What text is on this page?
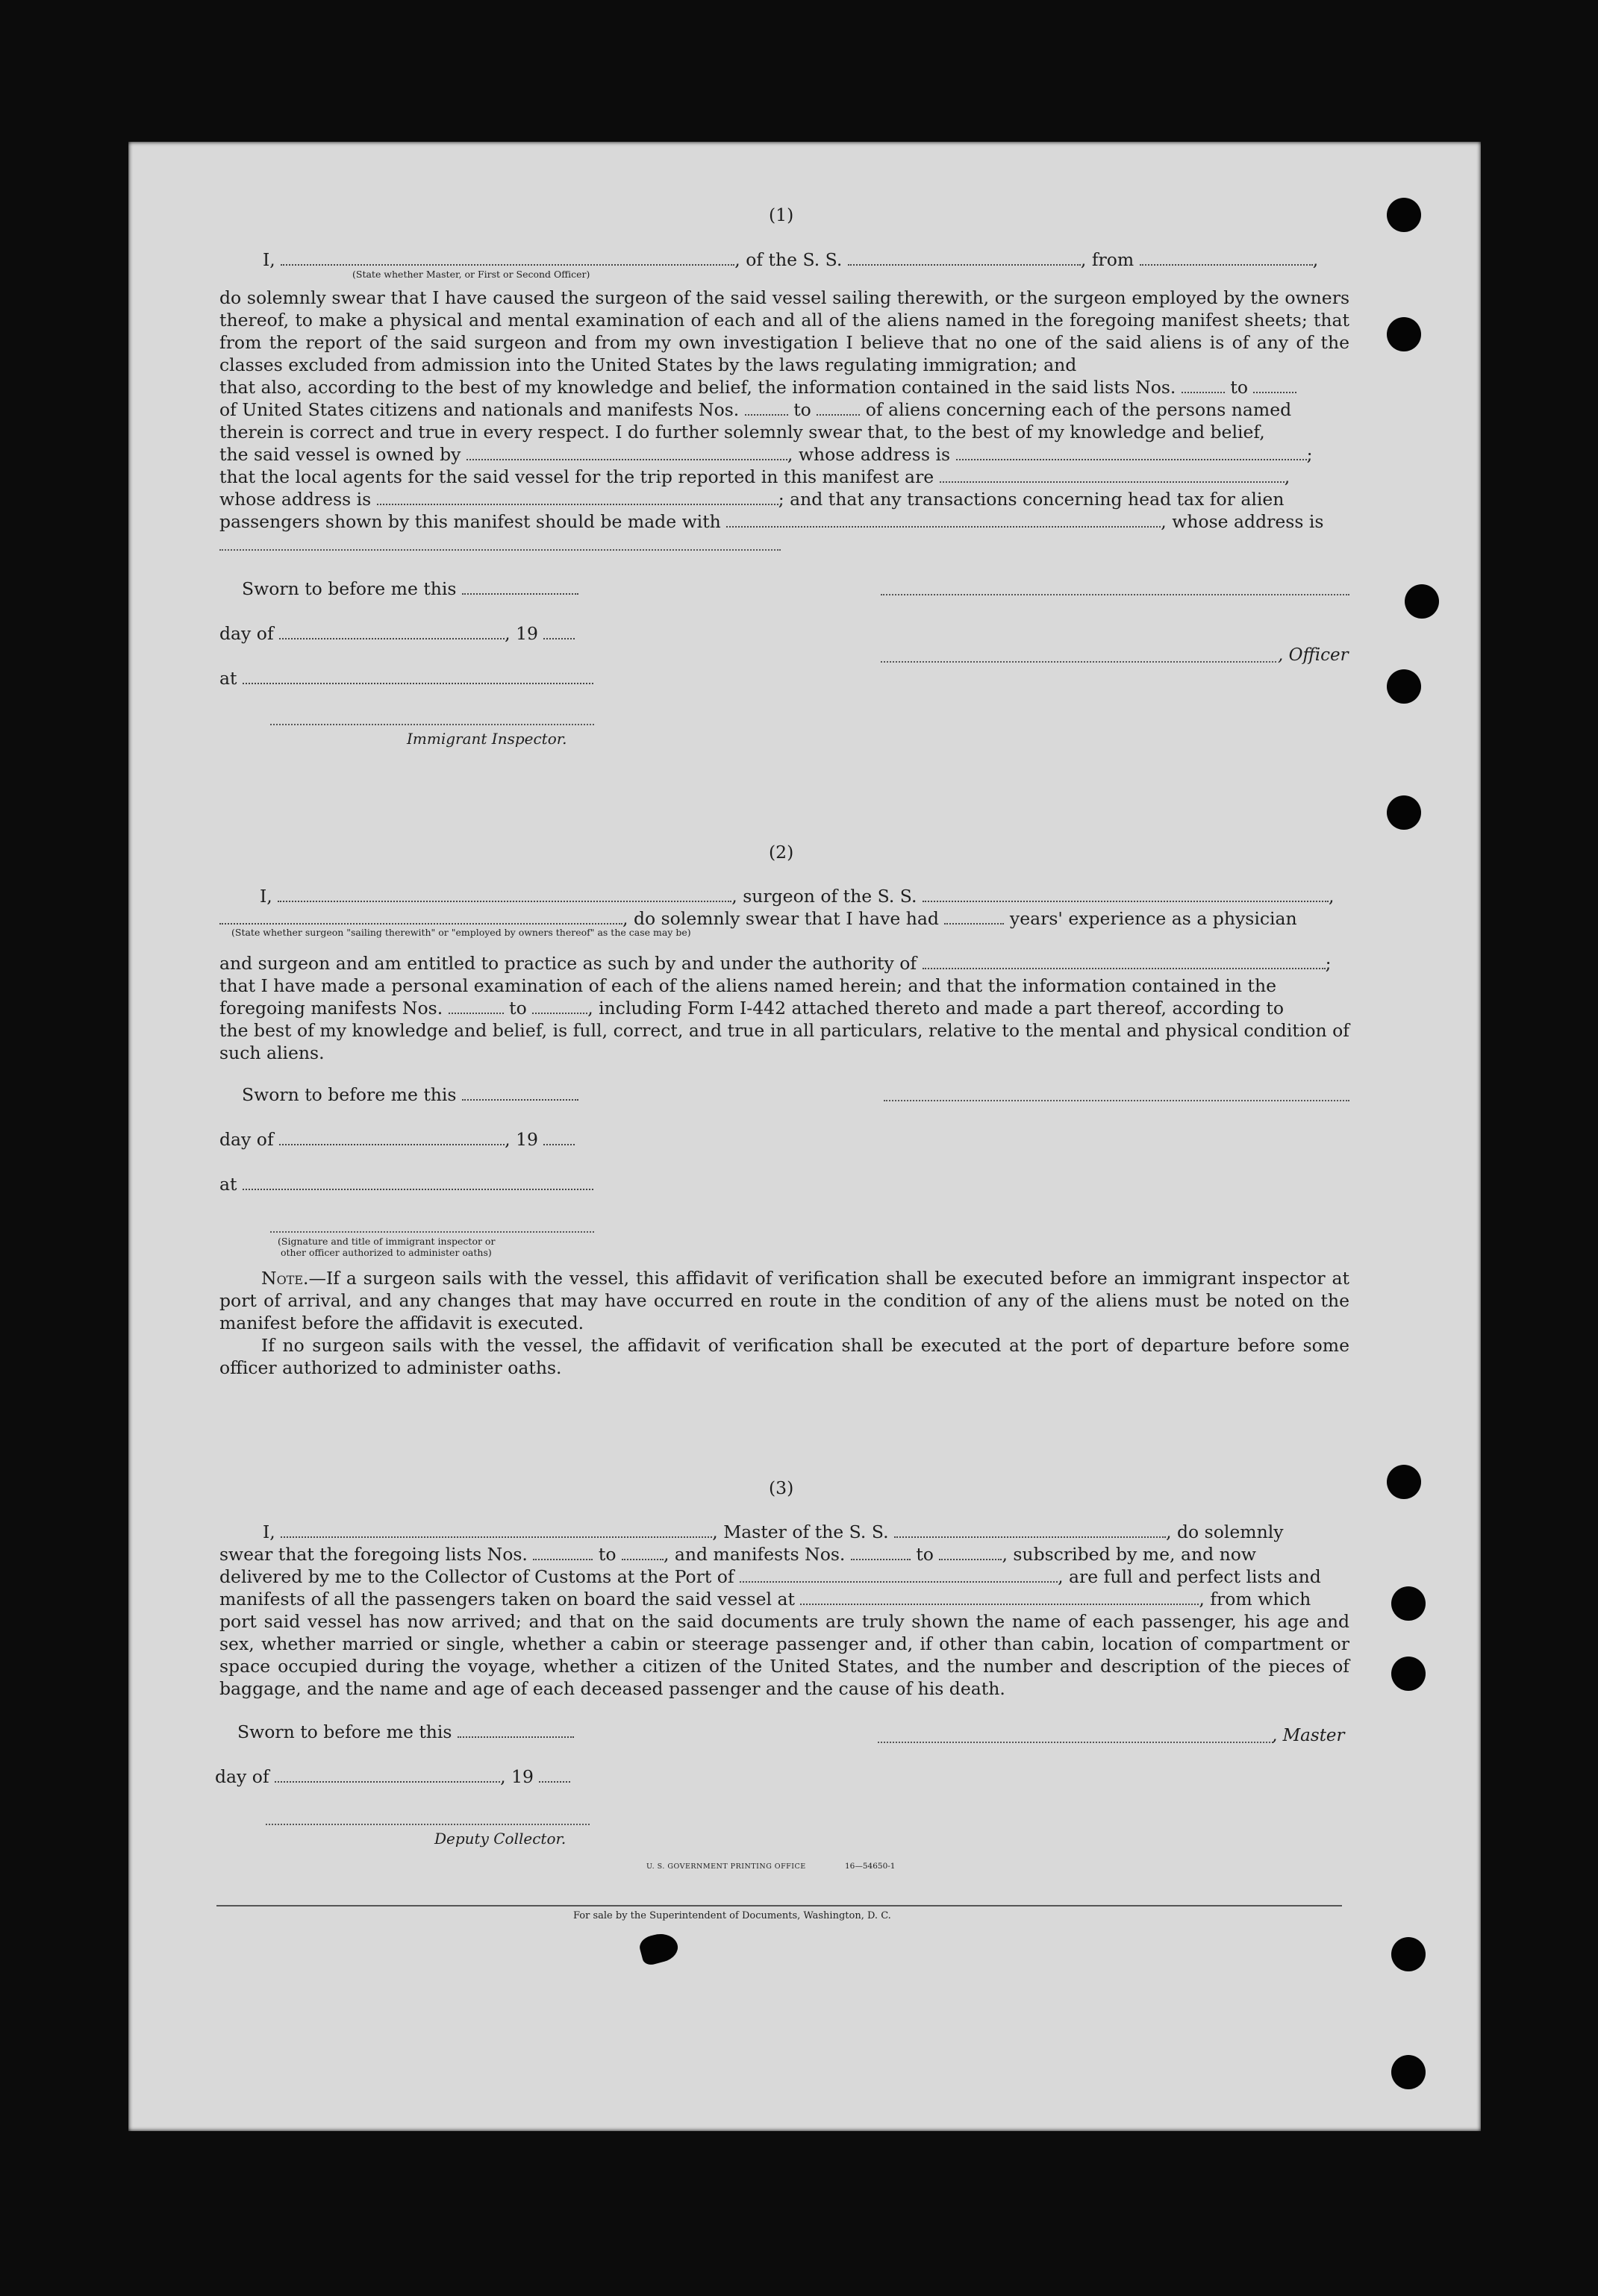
(1)
I,	, of the S. S.	, from	,
(State whether Master, or First or Second Officer)
do solemnly swear that I have caused the surgeon of the said vessel sailing therewith, or the surgeon employed by the owners thereof, to make a physical and mental examination of each and all of the aliens named in the foregoing manifest sheets; that from the report of the said surgeon and from my own investigation I believe that no one of the said aliens is of any of the classes excluded from admission into the United States by the laws regulating immigration; and
that also, according to the best of my knowledge and belief, the information contained in the said lists Nos.	to
of United States citizens and nationals and manifests Nos.	to	of aliens concerning each of the persons named
therein is correct and true in every respect. I do further solemnly swear that, to the best of my knowledge and belief,
the said vessel is owned by	, whose address is	;
that the local agents for the said vessel for the trip reported in this manifest are	,
whose address is	; and that any transactions concerning head tax for alien
passengers shown by this manifest should be made with	, whose address is
Sworn to before me this
day of	, 19
, Officer
at
Immigrant Inspector.
(2)
I,	, surgeon of the S. S.	,
, do solemnly swear that I have had	years' experience as a physician
(State whether surgeon "sailing therewith" or "employed by owners thereof" as the case may be)
and surgeon and am entitled to practice as such by and under the authority of	;
that I have made a personal examination of each of the aliens named herein; and that the information contained in the
foregoing manifests Nos.	to	, including Form I-442 attached thereto and made a part thereof, according to
the best of my knowledge and belief, is full, correct, and true in all particulars, relative to the mental and physical condition of such aliens.
Sworn to before me this
day of	, 19
at
(Signature and title of immigrant inspector or
other officer authorized to administer oaths)
Note.—If a surgeon sails with the vessel, this affidavit of verification shall be executed before an immigrant inspector at port of arrival, and any changes that may have occurred en route in the condition of any of the aliens must be noted on the manifest before the affidavit is executed.
If no surgeon sails with the vessel, the affidavit of verification shall be executed at the port of departure before some officer authorized to administer oaths.
(3)
I,	, Master of the S. S.	, do solemnly
swear that the foregoing lists Nos.	to	, and manifests Nos.	to	, subscribed by me, and now
delivered by me to the Collector of Customs at the Port of	, are full and perfect lists and
manifests of all the passengers taken on board the said vessel at	, from which
port said vessel has now arrived; and that on the said documents are truly shown the name of each passenger, his age and sex, whether married or single, whether a cabin or steerage passenger and, if other than cabin, location of compartment or space occupied during the voyage, whether a citizen of the United States, and the number and description of the pieces of baggage, and the name and age of each deceased passenger and the cause of his death.
Sworn to before me this	, Master
day of	, 19
Deputy Collector.
U. S. GOVERNMENT PRINTING OFFICE	16—54650-1
For sale by the Superintendent of Documents, Washington, D. C.
